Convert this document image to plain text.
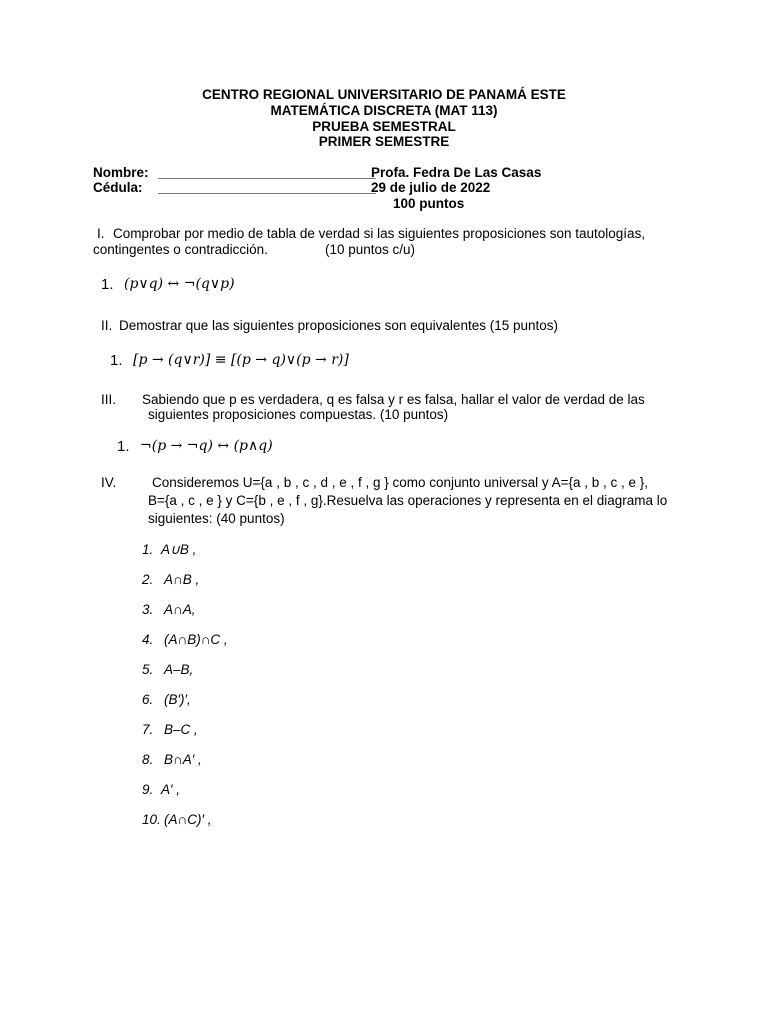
CENTRO REGIONAL UNIVERSITARIO DE PANAMÁ ESTE
MATEMÁTICA DISCRETA (MAT 113)
PRUEBA SEMESTRAL
PRIMER SEMESTRE
Nombre: _____________________________
Profa. Fedra De Las Casas
Cédula: _____________________________
29 de julio de 2022
100 puntos
I. Comprobar por medio de tabla de verdad si las siguientes proposiciones son tautologías,
contingentes o contradicción.	(10 puntos c/u)
1. (p∨q) ↔ ¬(q∨p)
II. Demostrar que las siguientes proposiciones son equivalentes (15 puntos)
1. [p → (q∨r)] ≡ [(p → q)∨(p → r)]
III. Sabiendo que p es verdadera, q es falsa y r es falsa, hallar el valor de verdad de las
siguientes proposiciones compuestas. (10 puntos)
1. ¬(p → ¬q) ↔ (p∧q)
IV.	Consideremos U={a , b , c , d , e , f , g } como conjunto universal y A={a , b , c , e },
B={a , c , e } y C={b , e , f , g}.Resuelva las operaciones y representa en el diagrama lo
siguientes: (40 puntos)
1. A∪B ,
2. A∩B ,
3. A∩A,
4. (A∩B)∩C ,
5. A–B,
6. (B′)′,
7. B–C ,
8. B∩A′ ,
9. A′ ,
10. (A∩C)′ ,
